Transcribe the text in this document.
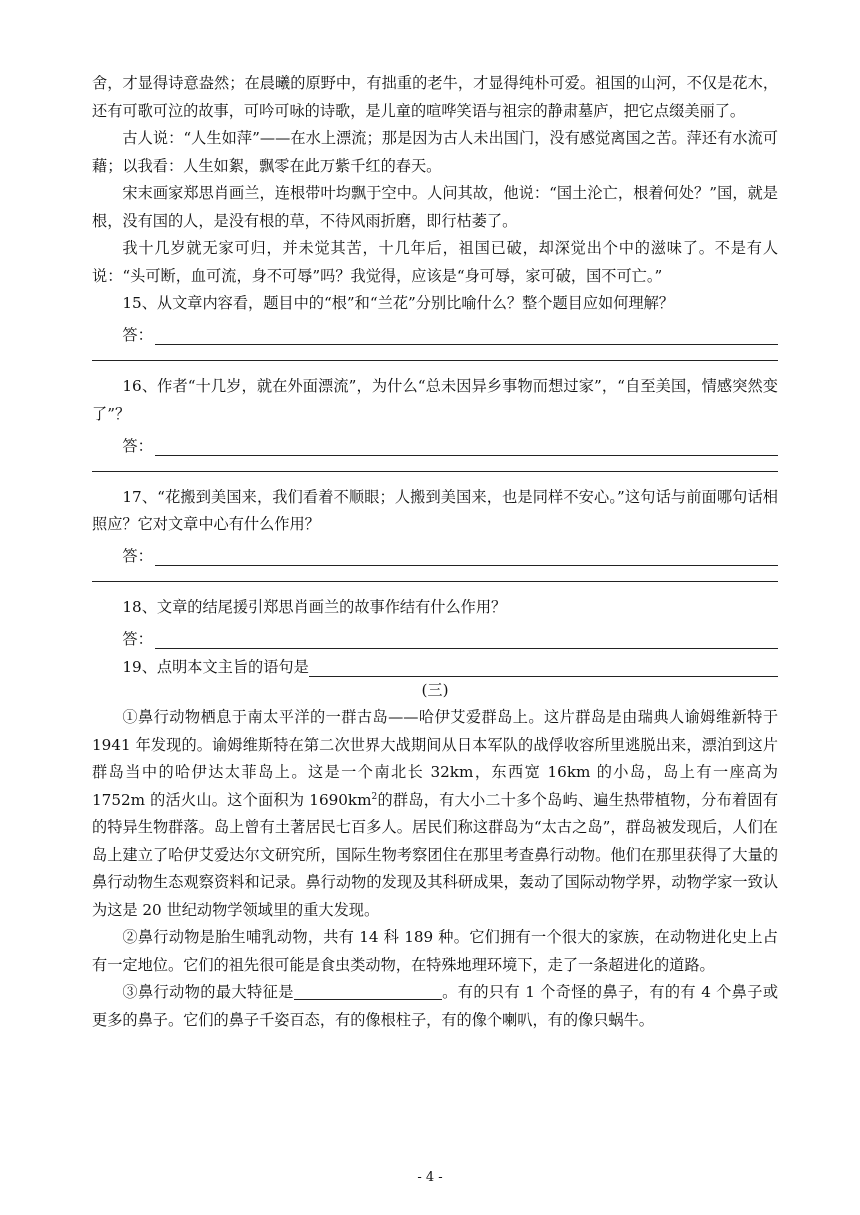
舍，才显得诗意盎然；在晨曦的原野中，有拙重的老牛，才显得纯朴可爱。祖国的山河，不仅是花木，还有可歌可泣的故事，可吟可咏的诗歌，是儿童的喧哗笑语与祖宗的静肃墓庐，把它点缀美丽了。

古人说：“人生如萍”——在水上漂流；那是因为古人未出国门，没有感觉离国之苦。萍还有水流可藉；以我看：人生如絮，飘零在此万紫千红的春天。

宋末画家郑思肖画兰，连根带叶均飘于空中。人问其故，他说：“国土沦亡，根着何处？”国，就是根，没有国的人，是没有根的草，不待风雨折磨，即行枯萎了。

我十几岁就无家可归，并未觉其苦，十几年后，祖国已破，却深觉出个中的滋味了。不是有人说：“头可断，血可流，身不可辱”吗？我觉得，应该是“身可辱，家可破，国不可亡。”

15、从文章内容看，题目中的“根”和“兰花”分别比喻什么？整个题目应如何理解？

答：

16、作者“十几岁，就在外面漂流”，为什么“总未因异乡事物而想过家”，“自至美国，情感突然变了”？

答：

17、“花搬到美国来，我们看着不顺眼；人搬到美国来，也是同样不安心。”这句话与前面哪句话相照应？它对文章中心有什么作用？

答：

18、文章的结尾援引郑思肖画兰的故事作结有什么作用？

答：
19、点明本文主旨的语句是
(三)

①鼻行动物栖息于南太平洋的一群古岛——哈伊艾爱群岛上。这片群岛是由瑞典人谕姆维新特于 1941 年发现的。谕姆维斯特在第二次世界大战期间从日本军队的战俘收容所里逃脱出来，漂泊到这片群岛当中的哈伊达太菲岛上。这是一个南北长 32km，东西宽 16km 的小岛，岛上有一座高为 1752m 的活火山。这个面积为 $1690km^2$的群岛，有大小二十多个岛屿、遍生热带植物，分布着固有的特异生物群落。岛上曾有土著居民七百多人。居民们称这群岛为“太古之岛”，群岛被发现后，人们在岛上建立了哈伊艾爱达尔文研究所，国际生物考察团住在那里考查鼻行动物。他们在那里获得了大量的鼻行动物生态观察资料和记录。鼻行动物的发现及其科研成果，轰动了国际动物学界，动物学家一致认为这是 20 世纪动物学领域里的重大发现。

②鼻行动物是胎生哺乳动物，共有 14 科 189 种。它们拥有一个很大的家族，在动物进化史上占有一定地位。它们的祖先很可能是食虫类动物，在特殊地理环境下，走了一条超进化的道路。

③鼻行动物的最大特征是	。有的只有 1 个奇怪的鼻子，有的有 4 个鼻子或更多的鼻子。它们的鼻子千姿百态，有的像根柱子，有的像个喇叭，有的像只蜗牛。

- 4 -
